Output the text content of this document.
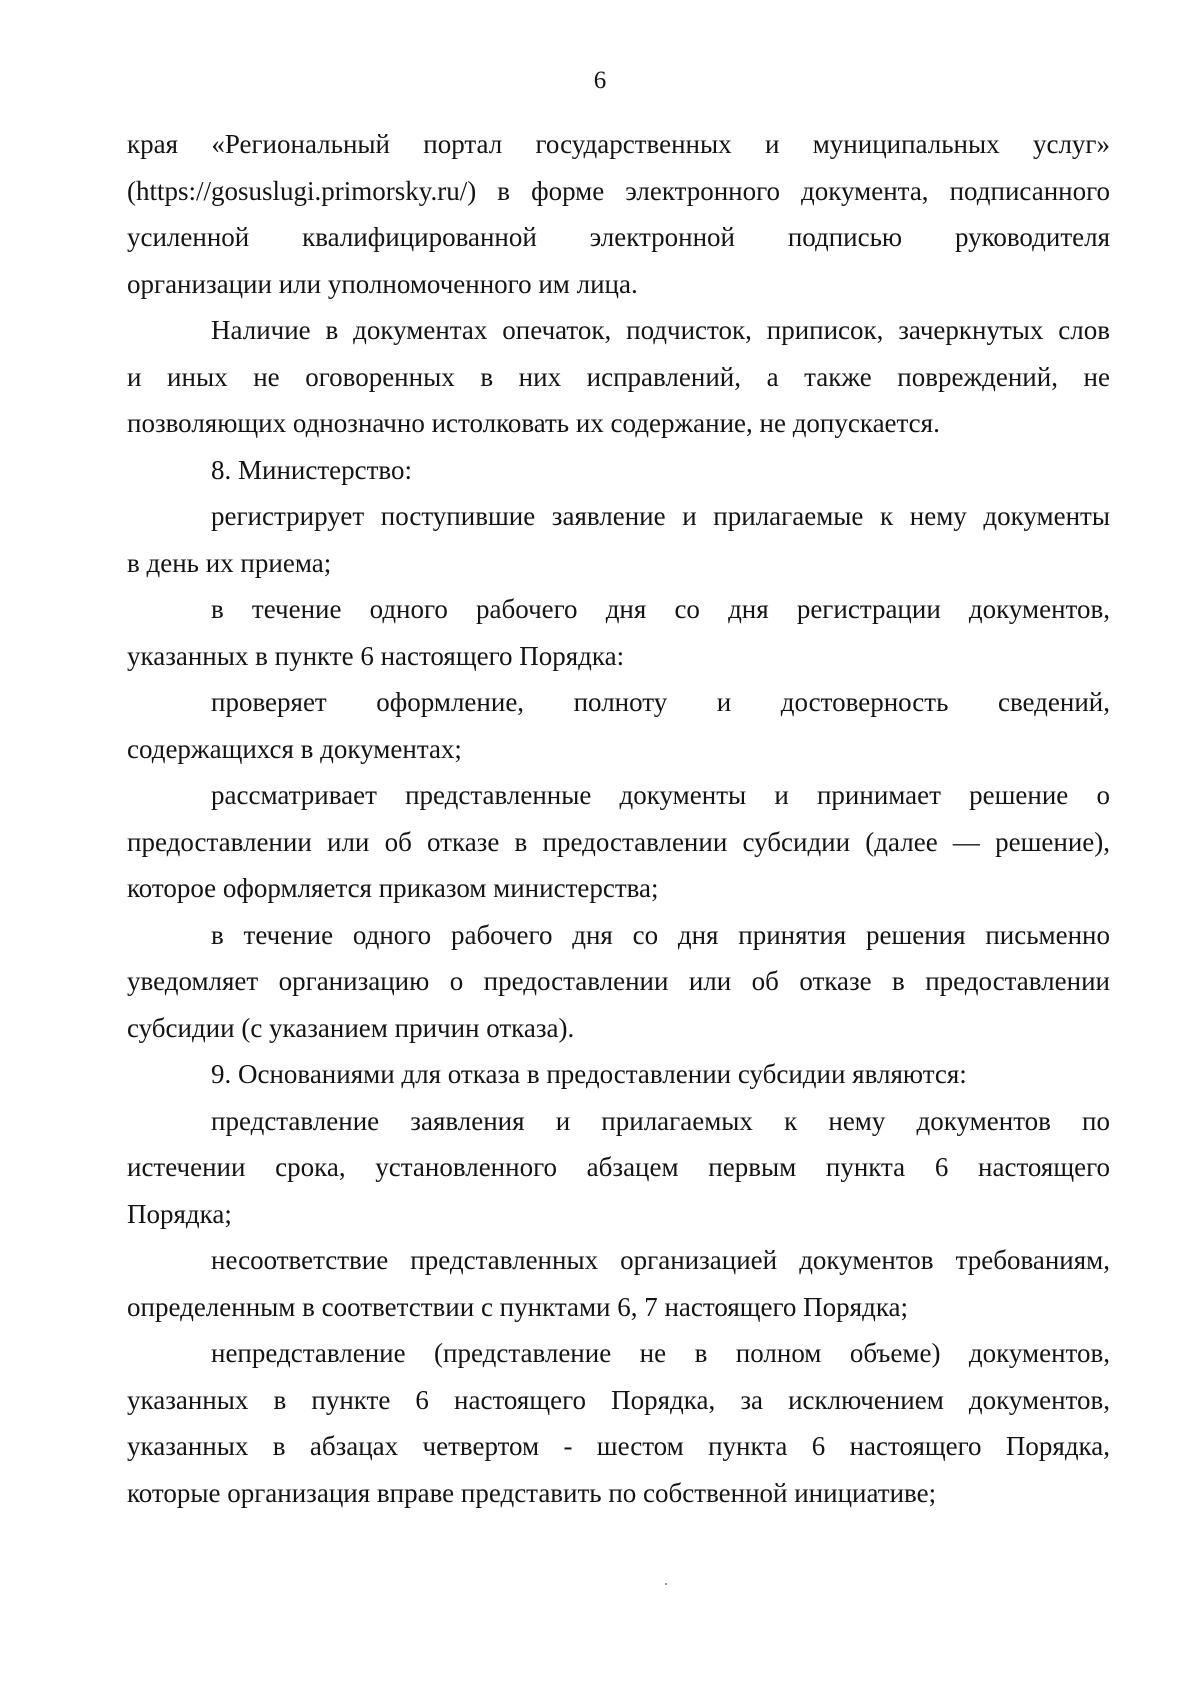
6
края «Региональный портал государственных и муниципальных услуг»
(https://gosuslugi.primorsky.ru/) в форме электронного документа, подписанного
усиленной квалифицированной электронной подписью руководителя
организации или уполномоченного им лица.
Наличие в документах опечаток, подчисток, приписок, зачеркнутых слов
и иных не оговоренных в них исправлений, а также повреждений, не
позволяющих однозначно истолковать их содержание, не допускается.
8. Министерство:
регистрирует поступившие заявление и прилагаемые к нему документы
в день их приема;
в течение одного рабочего дня со дня регистрации документов,
указанных в пункте 6 настоящего Порядка:
проверяет оформление, полноту и достоверность сведений,
содержащихся в документах;
рассматривает представленные документы и принимает решение о
предоставлении или об отказе в предоставлении субсидии (далее — решение),
которое оформляется приказом министерства;
в течение одного рабочего дня со дня принятия решения письменно
уведомляет организацию о предоставлении или об отказе в предоставлении
субсидии (с указанием причин отказа).
9. Основаниями для отказа в предоставлении субсидии являются:
представление заявления и прилагаемых к нему документов по
истечении срока, установленного абзацем первым пункта 6 настоящего
Порядка;
несоответствие представленных организацией документов требованиям,
определенным в соответствии с пунктами 6, 7 настоящего Порядка;
непредставление (представление не в полном объеме) документов,
указанных в пункте 6 настоящего Порядка, за исключением документов,
указанных в абзацах четвертом - шестом пункта 6 настоящего Порядка,
которые организация вправе представить по собственной инициативе;
